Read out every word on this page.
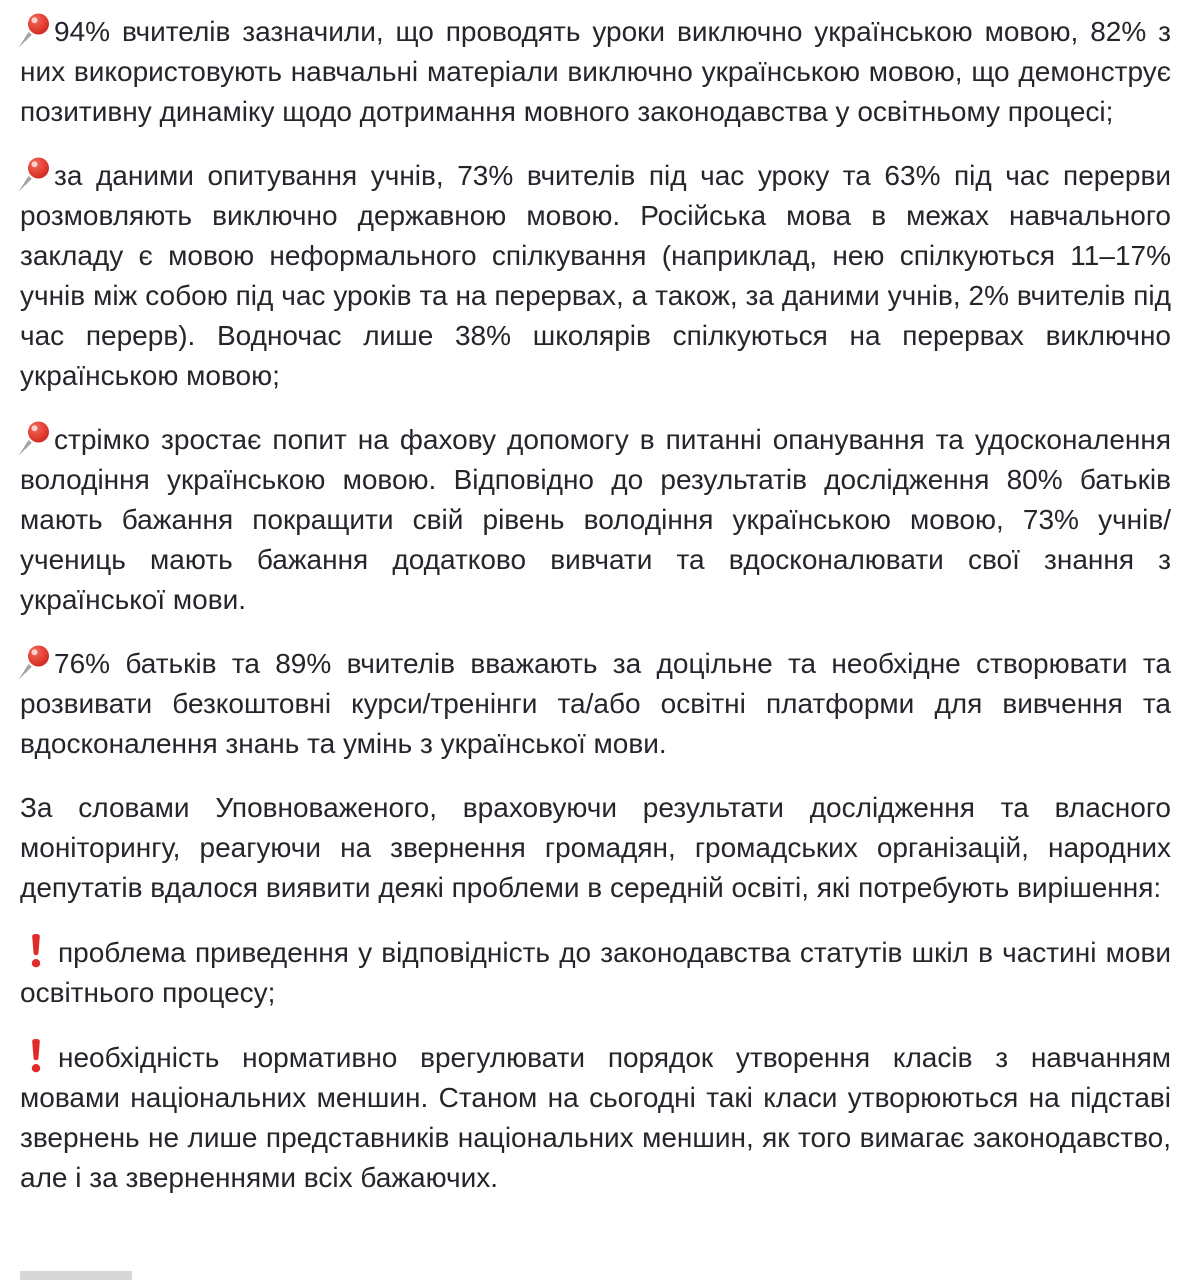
94% вчителів зазначили, що проводять уроки виключно українською мовою, 82% з них використовують навчальні матеріали виключно українською мовою, що демонструє позитивну динаміку щодо дотримання мовного законодавства у освітньому процесі;

за даними опитування учнів, 73% вчителів під час уроку та 63% під час перерви розмовляють виключно державною мовою. Російська мова в межах навчального закладу є мовою неформального спілкування (наприклад, нею спілкуються 11–17% учнів між собою під час уроків та на перервах, а також, за даними учнів, 2% вчителів під час перерв). Водночас лише 38% школярів спілкуються на перервах виключно українською мовою;

стрімко зростає попит на фахову допомогу в питанні опанування та удосконалення володіння українською мовою. Відповідно до результатів дослідження 80% батьків мають бажання покращити свій рівень володіння українською мовою, 73% учнів/учениць мають бажання додатково вивчати та вдосконалювати свої знання з української мови.

76% батьків та 89% вчителів вважають за доцільне та необхідне створювати та розвивати безкоштовні курси/тренінги та/або освітні платформи для вивчення та вдосконалення знань та умінь з української мови.

За словами Уповноваженого, враховуючи результати дослідження та власного моніторингу, реагуючи на звернення громадян, громадських організацій, народних депутатів вдалося виявити деякі проблеми в середній освіті, які потребують вирішення:

проблема приведення у відповідність до законодавства статутів шкіл в частині мови освітнього процесу;

необхідність нормативно врегулювати порядок утворення класів з навчанням мовами національних меншин. Станом на сьогодні такі класи утворюються на підставі звернень не лише представників національних меншин, як того вимагає законодавство, але і за зверненнями всіх бажаючих.
